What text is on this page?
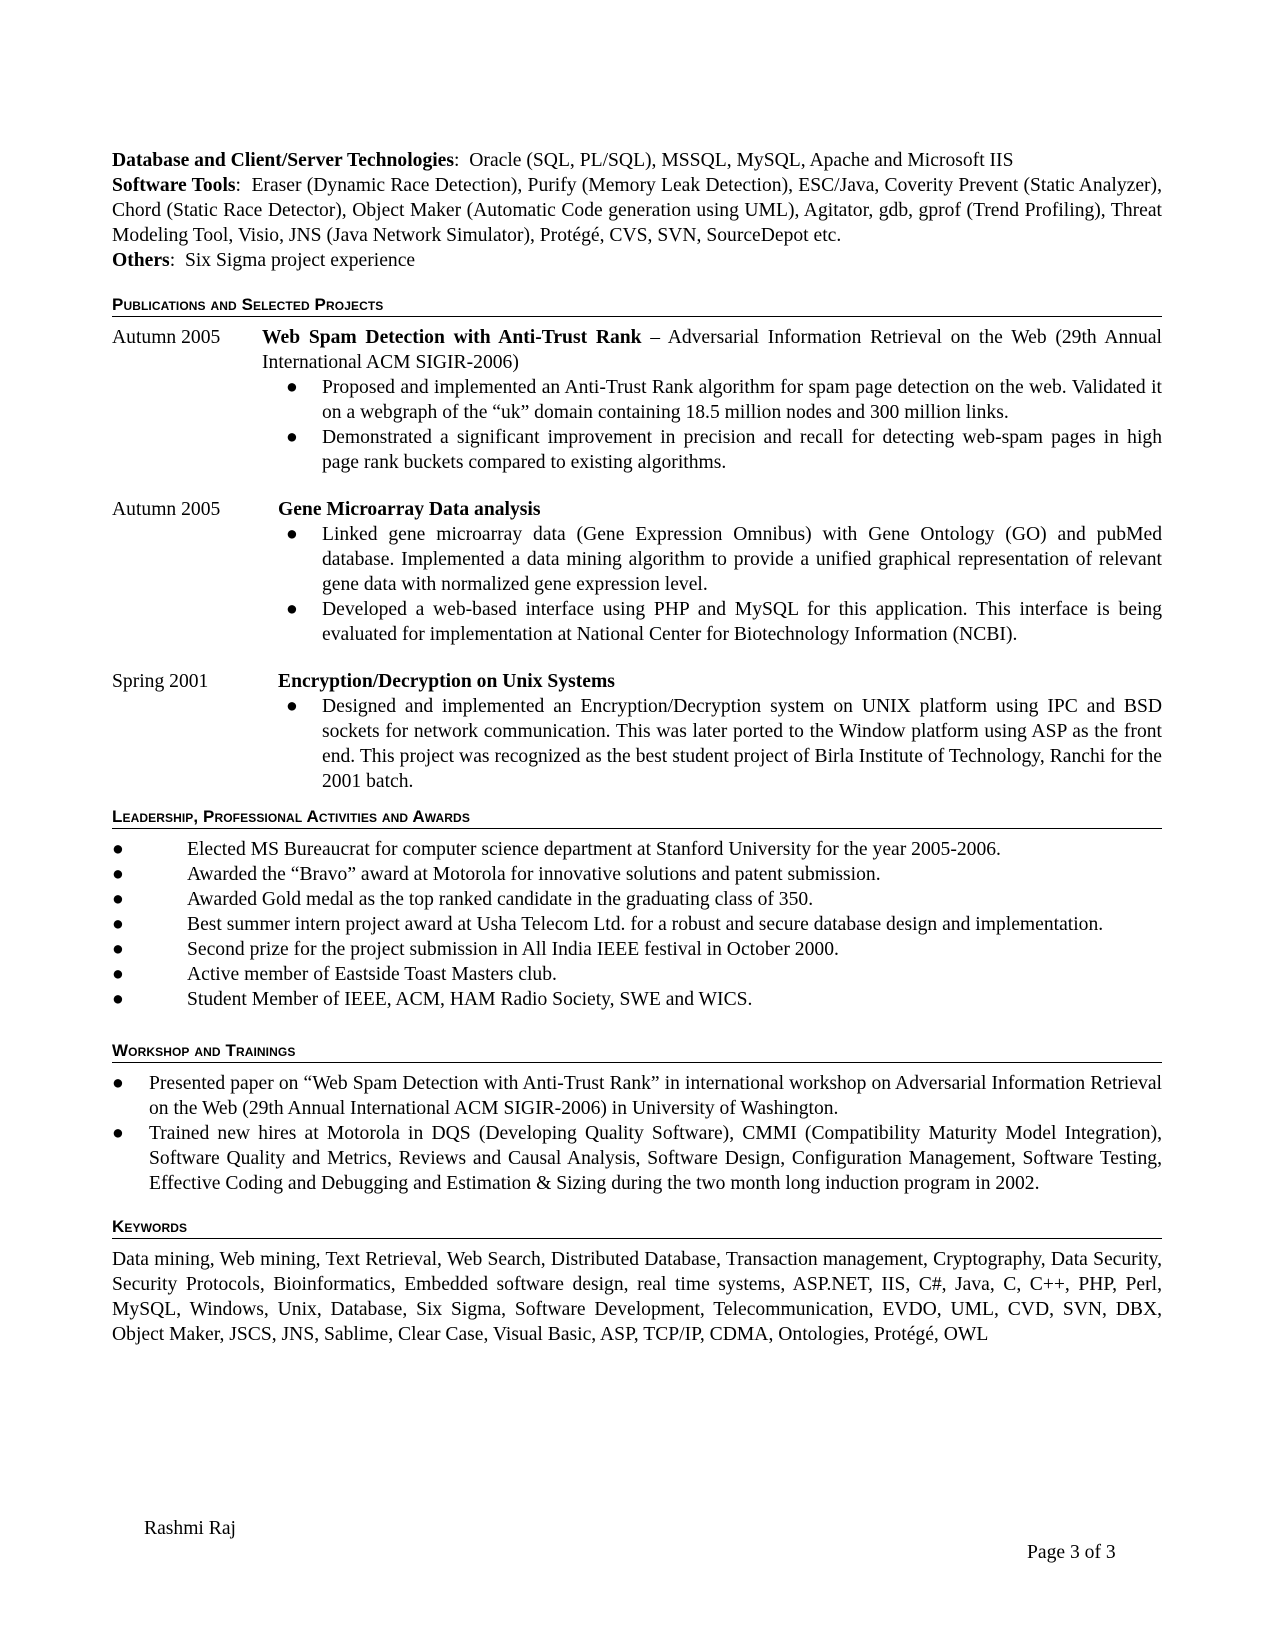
Database and Client/Server Technologies:  Oracle (SQL, PL/SQL), MSSQL, MySQL, Apache and Microsoft IIS

Software Tools:  Eraser (Dynamic Race Detection), Purify (Memory Leak Detection), ESC/Java, Coverity Prevent (Static Analyzer), Chord (Static Race Detector), Object Maker (Automatic Code generation using UML), Agitator, gdb, gprof (Trend Profiling), Threat Modeling Tool, Visio, JNS (Java Network Simulator), Protégé, CVS, SVN, SourceDepot etc.

Others:  Six Sigma project experience

Publications and Selected Projects
Autumn 2005	Web Spam Detection with Anti-Trust Rank – Adversarial Information Retrieval on the Web (29th Annual International ACM SIGIR-2006)

● Proposed and implemented an Anti-Trust Rank algorithm for spam page detection on the web. Validated it on a webgraph of the “uk” domain containing 18.5 million nodes and 300 million links.
● Demonstrated a significant improvement in precision and recall for detecting web-spam pages in high page rank buckets compared to existing algorithms.
Autumn 2005	Gene Microarray Data analysis

● Linked gene microarray data (Gene Expression Omnibus) with Gene Ontology (GO) and pubMed database. Implemented a data mining algorithm to provide a unified graphical representation of relevant gene data with normalized gene expression level.
● Developed a web-based interface using PHP and MySQL for this application. This interface is being evaluated for implementation at National Center for Biotechnology Information (NCBI).
Spring 2001	Encryption/Decryption on Unix Systems

● Designed and implemented an Encryption/Decryption system on UNIX platform using IPC and BSD sockets for network communication. This was later ported to the Window platform using ASP as the front end. This project was recognized as the best student project of Birla Institute of Technology, Ranchi for the 2001 batch.
Leadership, Professional Activities and Awards
●	Elected MS Bureaucrat for computer science department at Stanford University for the year 2005-2006.
●	Awarded the “Bravo” award at Motorola for innovative solutions and patent submission.
●	Awarded Gold medal as the top ranked candidate in the graduating class of 350.
●	Best summer intern project award at Usha Telecom Ltd. for a robust and secure database design and implementation.
●	Second prize for the project submission in All India IEEE festival in October 2000.
●	Active member of Eastside Toast Masters club.
●	Student Member of IEEE, ACM, HAM Radio Society, SWE and WICS.
Workshop and Trainings
● Presented paper on “Web Spam Detection with Anti-Trust Rank” in international workshop on Adversarial Information Retrieval on the Web (29th Annual International ACM SIGIR-2006) in University of Washington.
● Trained new hires at Motorola in DQS (Developing Quality Software), CMMI (Compatibility Maturity Model Integration), Software Quality and Metrics, Reviews and Causal Analysis, Software Design, Configuration Management, Software Testing, Effective Coding and Debugging and Estimation & Sizing during the two month long induction program in 2002.
Keywords

Data mining, Web mining, Text Retrieval, Web Search, Distributed Database, Transaction management, Cryptography, Data Security, Security Protocols, Bioinformatics, Embedded software design, real time systems, ASP.NET, IIS, C#, Java, C, C++, PHP, Perl, MySQL, Windows, Unix, Database, Six Sigma, Software Development, Telecommunication, EVDO, UML, CVD, SVN, DBX, Object Maker, JSCS, JNS, Sablime, Clear Case, Visual Basic, ASP, TCP/IP, CDMA, Ontologies, Protégé, OWL

Rashmi Raj
Page 3 of 3
